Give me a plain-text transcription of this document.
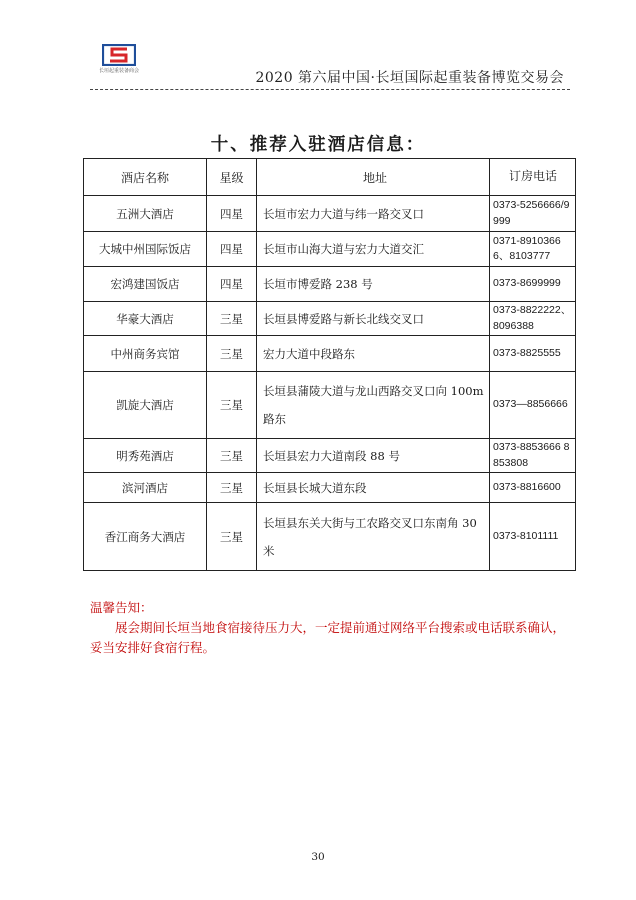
长垣起重装备商会	2020 第六届中国·长垣国际起重装备博览交易会
十、推荐入驻酒店信息：
酒店名称	星级	地址	订房电话
五洲大酒店	四星	长垣市宏力大道与纬一路交叉口	0373-5256666/9999
大城中州国际饭店	四星	长垣市山海大道与宏力大道交汇	0371-89103666、8103777
宏鸿建国饭店	四星	长垣市博爱路 238 号	0373-8699999
华豪大酒店	三星	长垣县博爱路与新长北线交叉口	0373-8822222、8096388
中州商务宾馆	三星	宏力大道中段路东	0373-8825555
凯旋大酒店	三星	长垣县蒲陵大道与龙山西路交叉口向 100m 路东	0373—8856666
明秀苑酒店	三星	长垣县宏力大道南段 88 号	0373-8853666 8853808
滨河酒店	三星	长垣县长城大道东段	0373-8816600
香江商务大酒店	三星	长垣县东关大街与工农路交叉口东南角 30 米	0373-8101111
温馨告知：
展会期间长垣当地食宿接待压力大，一定提前通过网络平台搜索或电话联系确认，妥当安排好食宿行程。
30
